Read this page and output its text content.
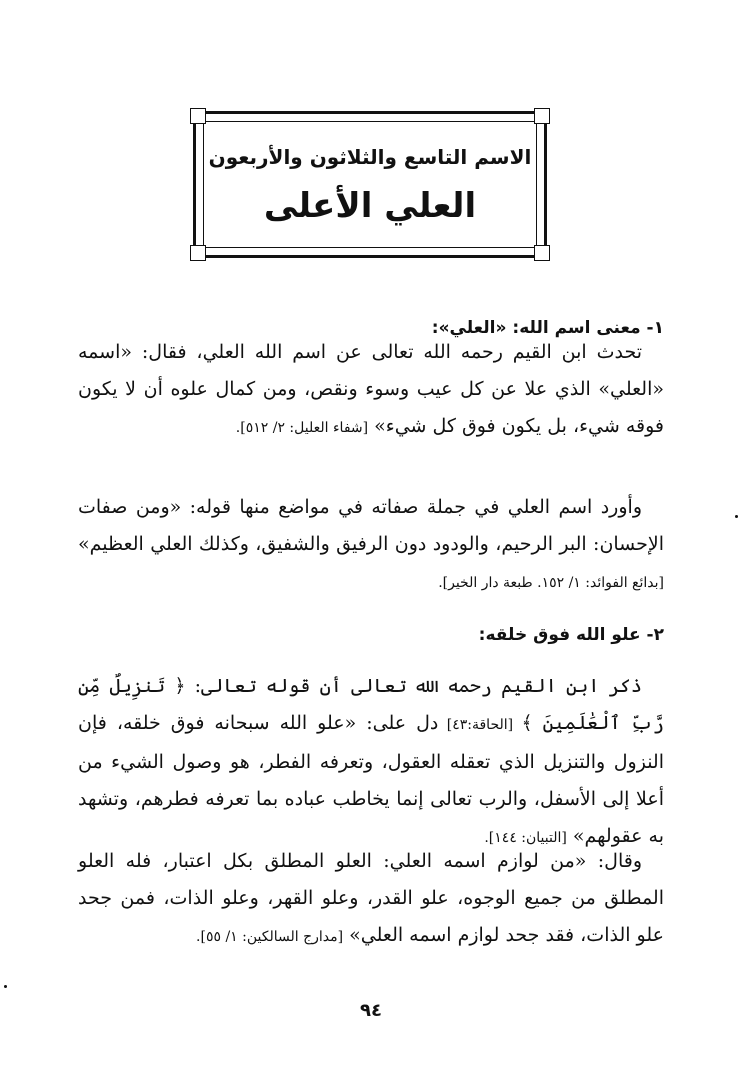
الاسم التاسع والثلاثون والأربعون
العلي الأعلى
١- معنى اسم الله: «العلي»:

تحدث ابن القيم رحمه الله تعالى عن اسم الله العلي، فقال: «اسمه «العلي» الذي علا عن كل عيب وسوء ونقص، ومن كمال علوه أن لا يكون فوقه شيء، بل يكون فوق كل شيء» [شفاء العليل: ٢/ ٥١٢].

وأورد اسم العلي في جملة صفاته في مواضع منها قوله: «ومن صفات الإحسان: البر الرحيم، والودود دون الرفيق والشفيق، وكذلك العلي العظيم» [بدائع الفوائد: ١/ ١٥٢. طبعة دار الخير].

٢- علو الله فوق خلقه:

ذكر ابن القيم رحمه الله تعالى أن قوله تعالى: ﴿ تَنزِيلٌ مِّن رَّبِّ ٱلْعَٰلَمِينَ ﴾ [الحاقة:٤٣] دل على: «علو الله سبحانه فوق خلقه، فإن النزول والتنزيل الذي تعقله العقول، وتعرفه الفطر، هو وصول الشيء من أعلا إلى الأسفل، والرب تعالى إنما يخاطب عباده بما تعرفه فطرهم، وتشهد به عقولهم» [التبيان: ١٤٤].

وقال: «من لوازم اسمه العلي: العلو المطلق بكل اعتبار، فله العلو المطلق من جميع الوجوه، علو القدر، وعلو القهر، وعلو الذات، فمن جحد علو الذات، فقد جحد لوازم اسمه العلي» [مدارج السالكين: ١/ ٥٥].

٩٤
